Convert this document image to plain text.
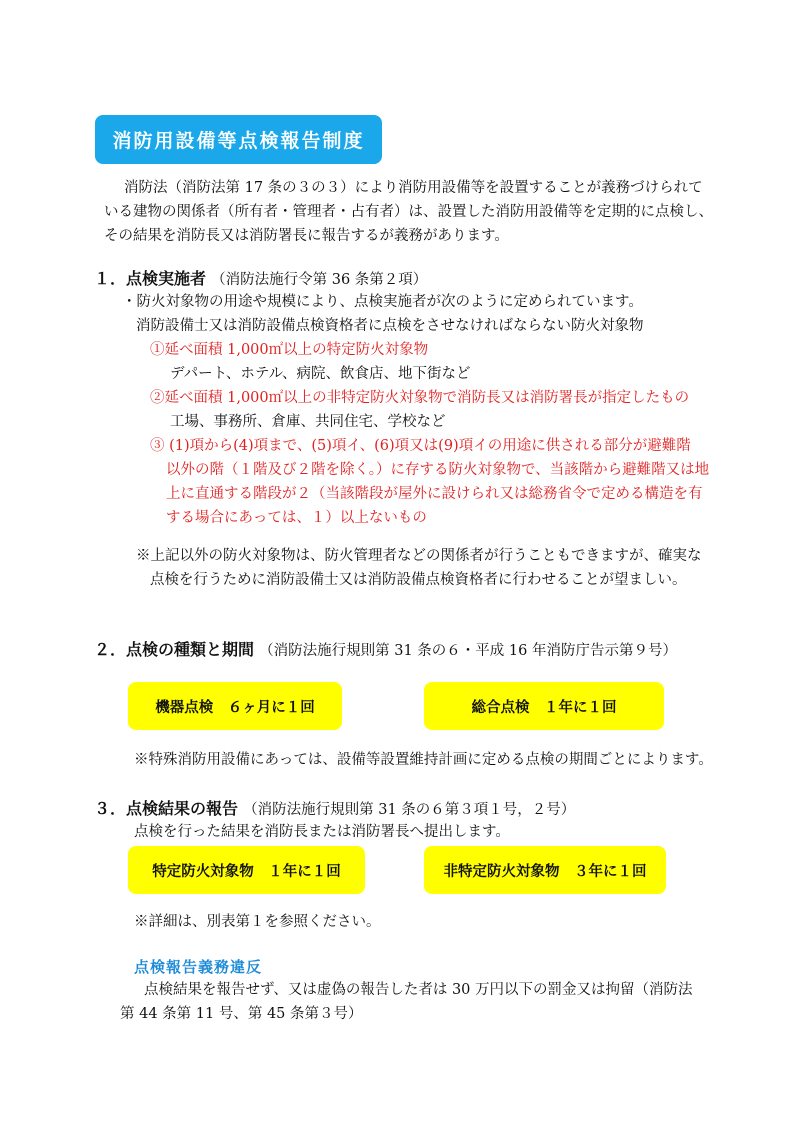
消防用設備等点検報告制度
消防法（消防法第 17 条の３の３）により消防用設備等を設置することが義務づけられて
いる建物の関係者（所有者・管理者・占有者）は、設置した消防用設備等を定期的に点検し、
その結果を消防長又は消防署長に報告するが義務があります。
１．点検実施者 （消防法施行令第 36 条第２項）
・防火対象物の用途や規模により、点検実施者が次のように定められています。
消防設備士又は消防設備点検資格者に点検をさせなければならない防火対象物
①延べ面積 1,000㎡以上の特定防火対象物
デパート、ホテル、病院、飲食店、地下街など
②延べ面積 1,000㎡以上の非特定防火対象物で消防長又は消防署長が指定したもの
工場、事務所、倉庫、共同住宅、学校など
③ (1)項から(4)項まで、(5)項イ、(6)項又は(9)項イの用途に供される部分が避難階
以外の階（１階及び２階を除く。）に存する防火対象物で、当該階から避難階又は地
上に直通する階段が２（当該階段が屋外に設けられ又は総務省令で定める構造を有
する場合にあっては、１）以上ないもの
※上記以外の防火対象物は、防火管理者などの関係者が行うこともできますが、確実な
点検を行うために消防設備士又は消防設備点検資格者に行わせることが望ましい。
２．点検の種類と期間 （消防法施行規則第 31 条の６・平成 16 年消防庁告示第９号）
機器点検　６ヶ月に１回	総合点検　１年に１回
※特殊消防用設備にあっては、設備等設置維持計画に定める点検の期間ごとによります。
３．点検結果の報告 （消防法施行規則第 31 条の６第３項１号，２号）
点検を行った結果を消防長または消防署長へ提出します。
特定防火対象物　１年に１回	非特定防火対象物　３年に１回
※詳細は、別表第１を参照ください。
点検報告義務違反
点検結果を報告せず、又は虚偽の報告した者は 30 万円以下の罰金又は拘留（消防法
第 44 条第 11 号、第 45 条第３号）
